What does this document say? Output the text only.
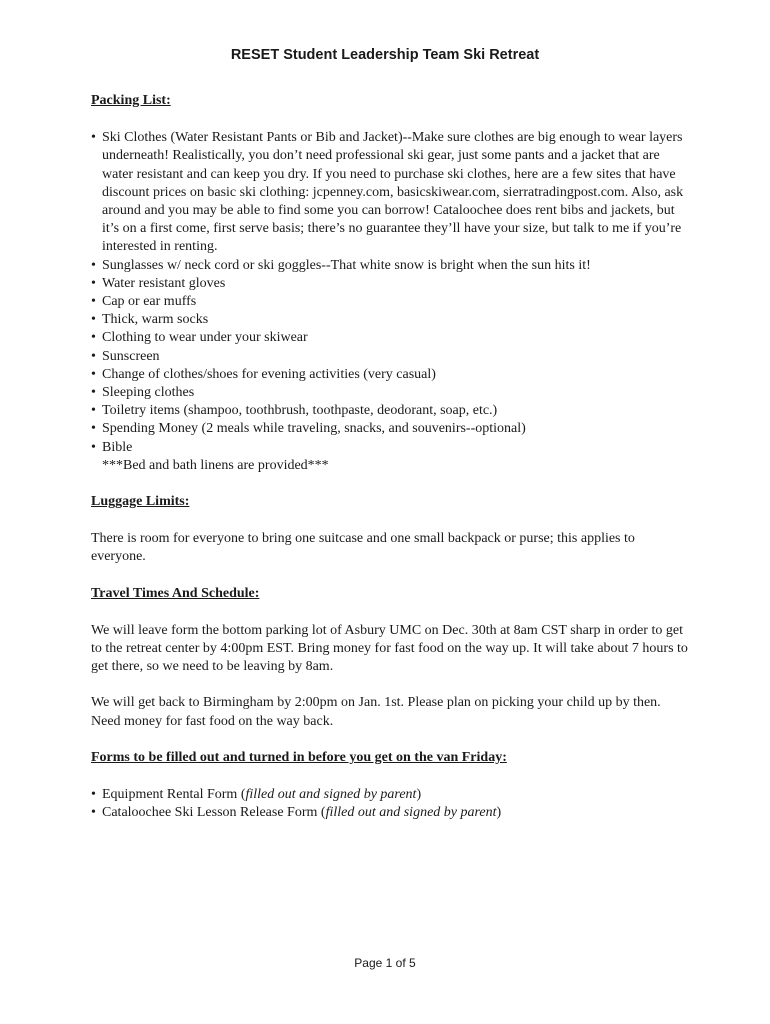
RESET Student Leadership Team Ski Retreat

Packing List:

• Ski Clothes (Water Resistant Pants or Bib and Jacket)--Make sure clothes are big enough to wear layers underneath! Realistically, you don’t need professional ski gear, just some pants and a jacket that are water resistant and can keep you dry. If you need to purchase ski clothes, here are a few sites that have discount prices on basic ski clothing: jcpenney.com, basicskiwear.com, sierratradingpost.com. Also, ask around and you may be able to find some you can borrow! Cataloochee does rent bibs and jackets, but it’s on a first come, first serve basis; there’s no guarantee they’ll have your size, but talk to me if you’re interested in renting.
• Sunglasses w/ neck cord or ski goggles--That white snow is bright when the sun hits it!
• Water resistant gloves
• Cap or ear muffs
• Thick, warm socks
• Clothing to wear under your skiwear
• Sunscreen
• Change of clothes/shoes for evening activities (very casual)
• Sleeping clothes
• Toiletry items (shampoo, toothbrush, toothpaste, deodorant, soap, etc.)
• Spending Money (2 meals while traveling, snacks, and souvenirs--optional)
• Bible
***Bed and bath linens are provided***

Luggage Limits:

There is room for everyone to bring one suitcase and one small backpack or purse; this applies to everyone.

Travel Times And Schedule:

We will leave form the bottom parking lot of Asbury UMC on Dec. 30th at 8am CST sharp in order to get to the retreat center by 4:00pm EST. Bring money for fast food on the way up. It will take about 7 hours to get there, so we need to be leaving by 8am.

We will get back to Birmingham by 2:00pm on Jan. 1st. Please plan on picking your child up by then. Need money for fast food on the way back.

Forms to be filled out and turned in before you get on the van Friday:

• Equipment Rental Form (filled out and signed by parent)
• Cataloochee Ski Lesson Release Form (filled out and signed by parent)
Page 1 of 5
